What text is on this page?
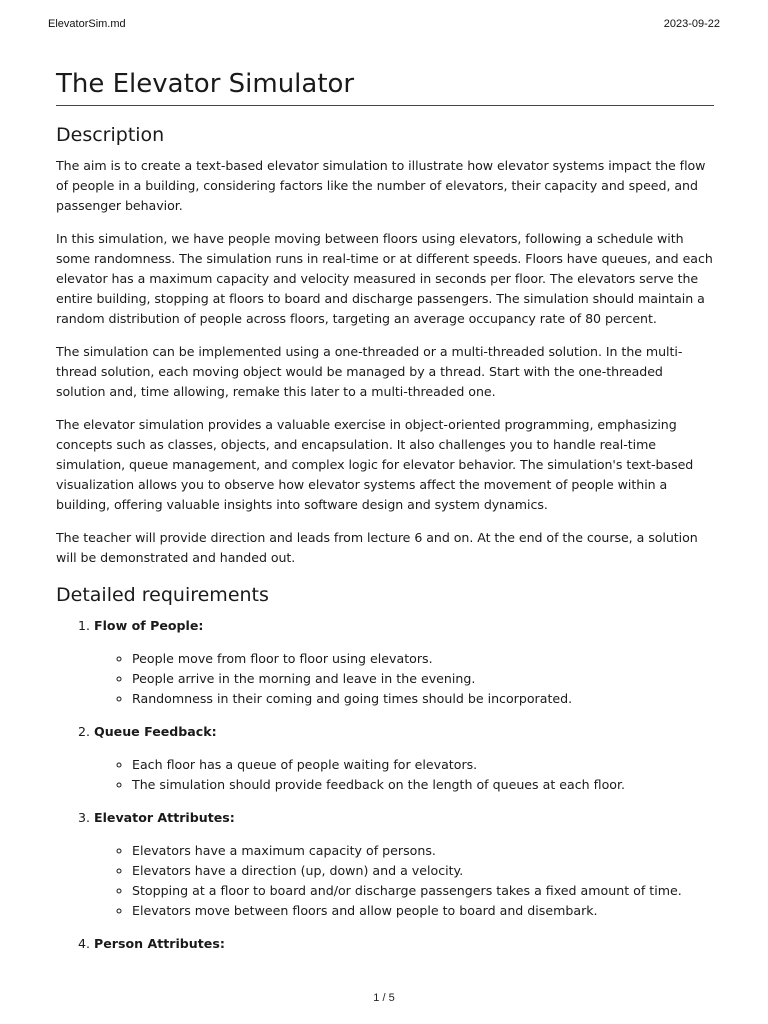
ElevatorSim.md	2023-09-22
The Elevator Simulator
Description

The aim is to create a text-based elevator simulation to illustrate how elevator systems impact the flow of people in a building, considering factors like the number of elevators, their capacity and speed, and passenger behavior.

In this simulation, we have people moving between floors using elevators, following a schedule with some randomness. The simulation runs in real-time or at different speeds. Floors have queues, and each elevator has a maximum capacity and velocity measured in seconds per floor. The elevators serve the entire building, stopping at floors to board and discharge passengers. The simulation should maintain a random distribution of people across floors, targeting an average occupancy rate of 80 percent.

The simulation can be implemented using a one-threaded or a multi-threaded solution. In the multi-thread solution, each moving object would be managed by a thread. Start with the one-threaded solution and, time allowing, remake this later to a multi-threaded one.

The elevator simulation provides a valuable exercise in object-oriented programming, emphasizing concepts such as classes, objects, and encapsulation. It also challenges you to handle real-time simulation, queue management, and complex logic for elevator behavior. The simulation's text-based visualization allows you to observe how elevator systems affect the movement of people within a building, offering valuable insights into software design and system dynamics.

The teacher will provide direction and leads from lecture 6 and on. At the end of the course, a solution will be demonstrated and handed out.

Detailed requirements
1. Flow of People:
◦ People move from floor to floor using elevators.
◦ People arrive in the morning and leave in the evening.
◦ Randomness in their coming and going times should be incorporated.
2. Queue Feedback:
◦ Each floor has a queue of people waiting for elevators.
◦ The simulation should provide feedback on the length of queues at each floor.
3. Elevator Attributes:
◦ Elevators have a maximum capacity of persons.
◦ Elevators have a direction (up, down) and a velocity.
◦ Stopping at a floor to board and/or discharge passengers takes a fixed amount of time.
◦ Elevators move between floors and allow people to board and disembark.
4. Person Attributes:
1 / 5
